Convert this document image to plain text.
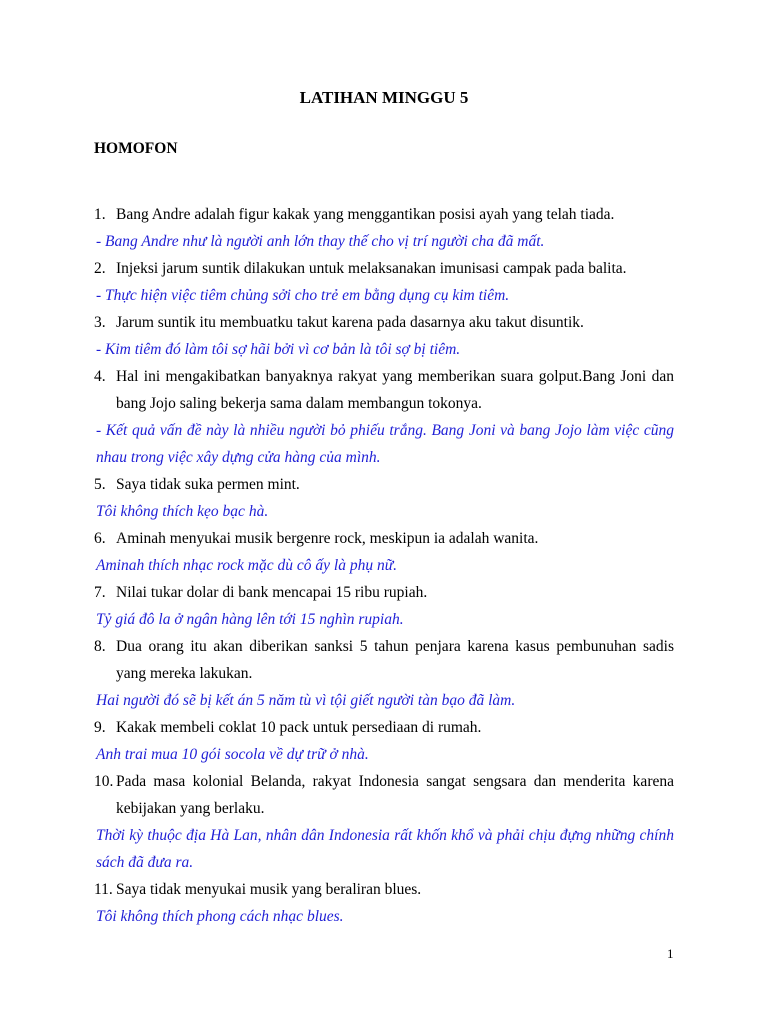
LATIHAN MINGGU 5
HOMOFON
1. Bang Andre adalah figur kakak yang menggantikan posisi ayah yang telah tiada.
- Bang Andre như là người anh lớn thay thế cho vị trí người cha đã mất.
2. Injeksi jarum suntik dilakukan untuk melaksanakan imunisasi campak pada balita.
- Thực hiện việc tiêm chủng sởi cho trẻ em bằng dụng cụ kim tiêm.
3. Jarum suntik itu membuatku takut karena pada dasarnya aku takut disuntik.
- Kim tiêm đó làm tôi sợ hãi bởi vì cơ bản là tôi sợ bị tiêm.
4. Hal ini mengakibatkan banyaknya rakyat yang memberikan suara golput.Bang Joni dan bang Jojo saling bekerja sama dalam membangun tokonya.
- Kết quả vấn đề này là nhiều người bỏ phiếu trắng. Bang Joni và bang Jojo làm việc cũng nhau trong việc xây dựng cửa hàng của mình.
5. Saya tidak suka permen mint.
Tôi không thích kẹo bạc hà.
6. Aminah menyukai musik bergenre rock, meskipun ia adalah wanita.
Aminah thích nhạc rock mặc dù cô ấy là phụ nữ.
7. Nilai tukar dolar di bank mencapai 15 ribu rupiah.
Tỷ giá đô la ở ngân hàng lên tới 15 nghìn rupiah.
8. Dua orang itu akan diberikan sanksi 5 tahun penjara karena kasus pembunuhan sadis yang mereka lakukan.
Hai người đó sẽ bị kết án 5 năm tù vì tội giết người tàn bạo đã làm.
9. Kakak membeli coklat 10 pack untuk persediaan di rumah.
Anh trai mua 10 gói socola về dự trữ ở nhà.
10. Pada masa kolonial Belanda, rakyat Indonesia sangat sengsara dan menderita karena kebijakan yang berlaku.
Thời kỳ thuộc địa Hà Lan, nhân dân Indonesia rất khốn khổ và phải chịu đựng những chính sách đã đưa ra.
11. Saya tidak menyukai musik yang beraliran blues.
Tôi không thích phong cách nhạc blues.
1
